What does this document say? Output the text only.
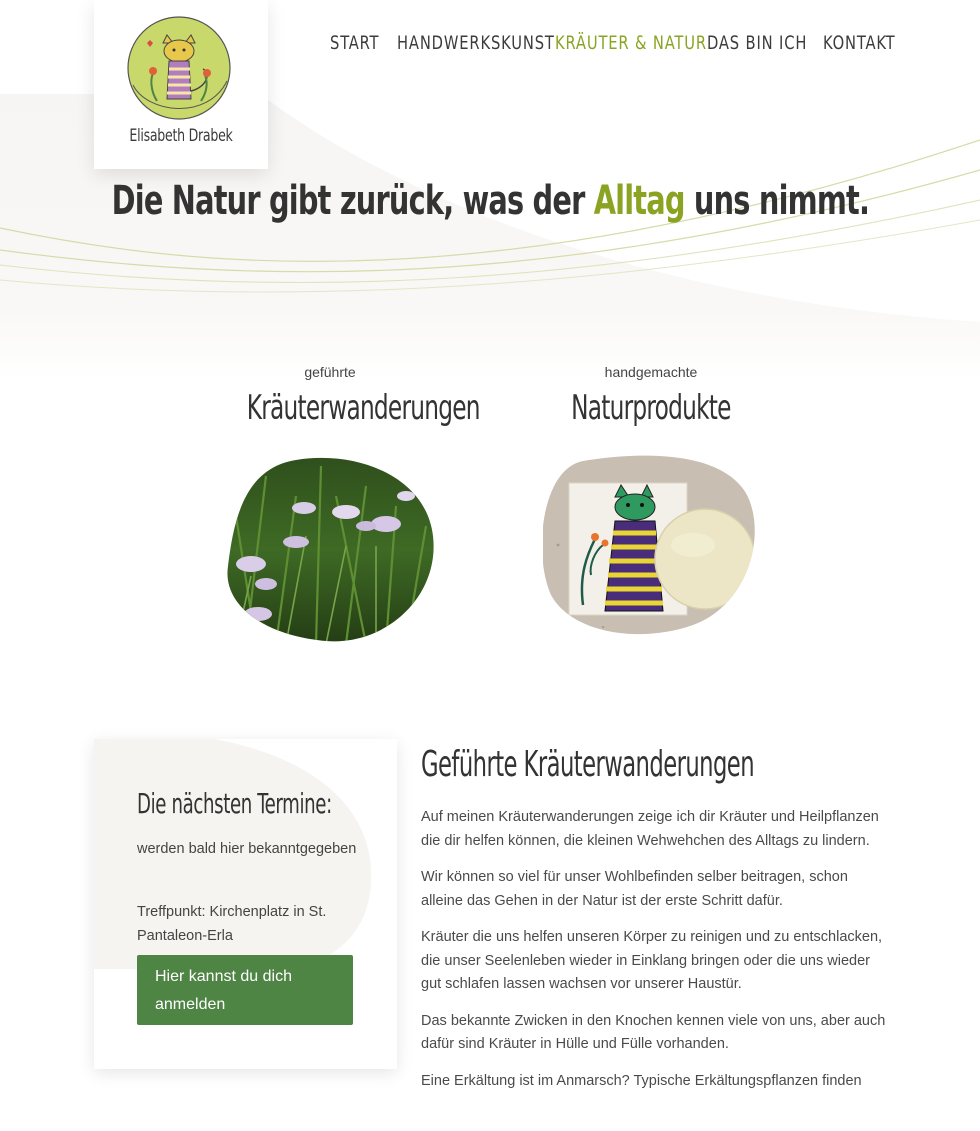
Elisabeth Drabek
START HANDWERKSKUNST KRÄUTER & NATUR DAS BIN ICH KONTAKT
Die Natur gibt zurück, was der Alltag uns nimmt.
geführte
Kräuterwanderungen
handgemachte
Naturprodukte
Die nächsten Termine:
werden bald hier bekanntgegeben
Treffpunkt: Kirchenplatz in St. Pantaleon-Erla
Hier kannst du dich anmelden
Geführte Kräuterwanderungen

Auf meinen Kräuterwanderungen zeige ich dir Kräuter und Heilpflanzen die dir helfen können, die kleinen Wehwehchen des Alltags zu lindern.

Wir können so viel für unser Wohlbefinden selber beitragen, schon alleine das Gehen in der Natur ist der erste Schritt dafür.

Kräuter die uns helfen unseren Körper zu reinigen und zu entschlacken, die unser Seelenleben wieder in Einklang bringen oder die uns wieder gut schlafen lassen wachsen vor unserer Haustür.

Das bekannte Zwicken in den Knochen kennen viele von uns, aber auch dafür sind Kräuter in Hülle und Fülle vorhanden.

Eine Erkältung ist im Anmarsch? Typische Erkältungspflanzen finden
